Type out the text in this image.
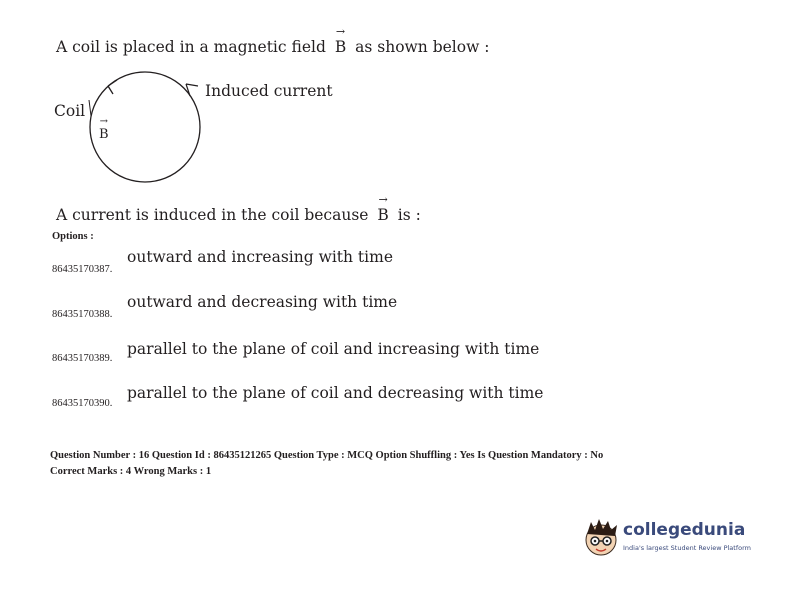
A coil is placed in a magnetic field
→
B as shown below :
Coil
Induced current
→
B
A current is induced in the coil because
→
B is :
Options :
86435170387.
outward and increasing with time
86435170388.
outward and decreasing with time
86435170389.
parallel to the plane of coil and increasing with time
86435170390.
parallel to the plane of coil and decreasing with time
Question Number : 16 Question Id : 86435121265 Question Type : MCQ Option Shuffling : Yes Is Question Mandatory : No
Correct Marks : 4 Wrong Marks : 1
collegedunia
India's largest Student Review Platform
